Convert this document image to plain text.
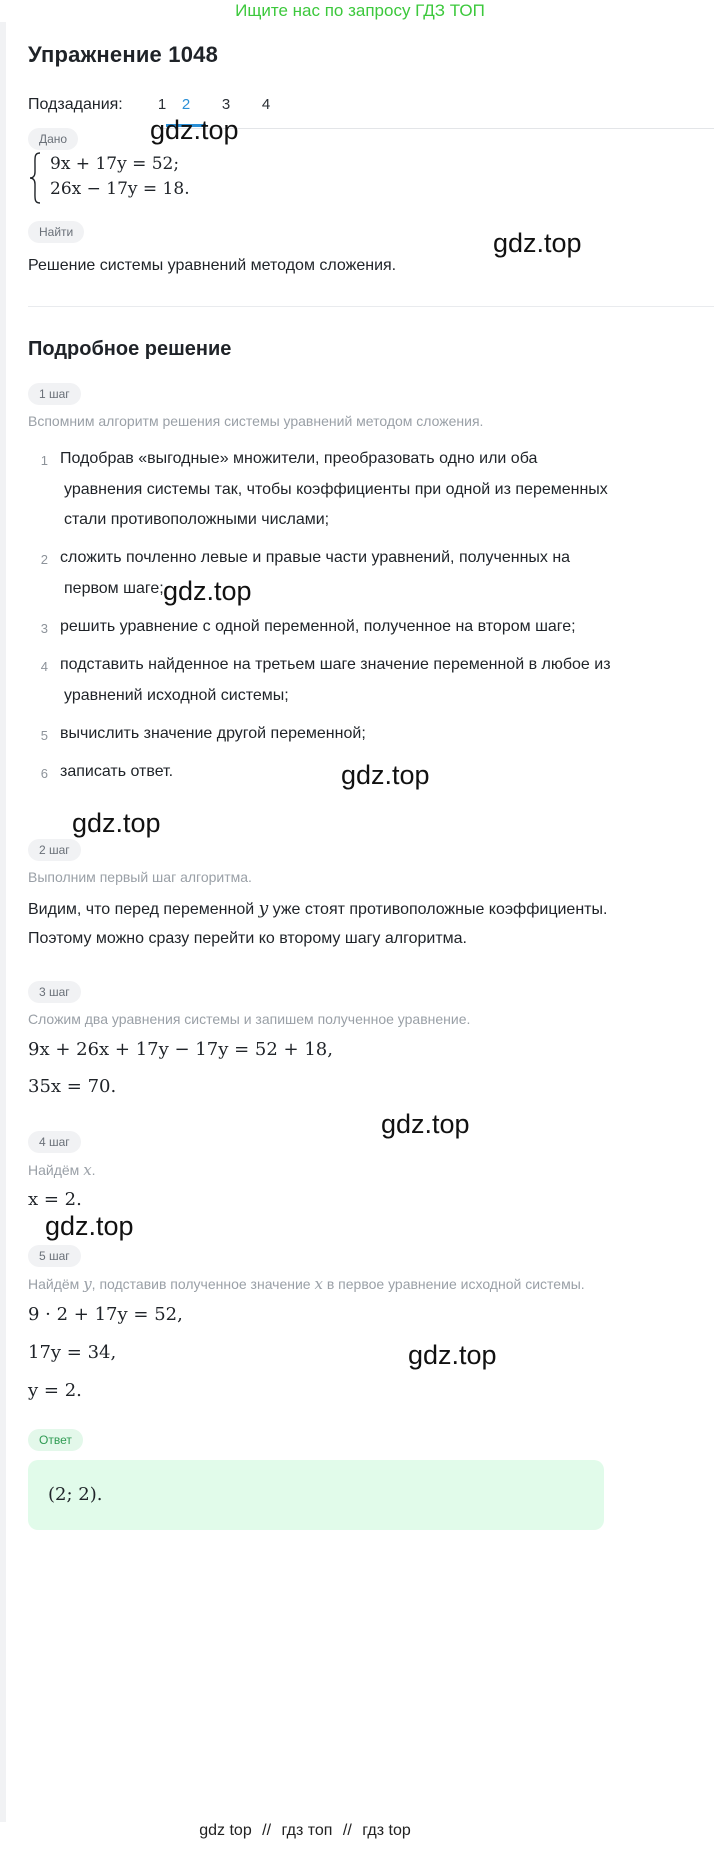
Ищите нас по запросу ГДЗ ТОП
Упражнение 1048
Подзадания:	1	2	3	4
Дано
9x + 17y = 52;
26x − 17y = 18.
Найти
Решение системы уравнений методом сложения.
Подробное решение
1 шаг
Вспомним алгоритм решения системы уравнений методом сложения.
1 Подобрав «выгодные» множители, преобразовать одно или оба
уравнения системы так, чтобы коэффициенты при одной из переменных
стали противоположными числами;
2 сложить почленно левые и правые части уравнений, полученных на
первом шаге;
3 решить уравнение с одной переменной, полученное на втором шаге;
4 подставить найденное на третьем шаге значение переменной в любое из
уравнений исходной системы;
5 вычислить значение другой переменной;
6 записать ответ.
2 шаг
Выполним первый шаг алгоритма.
Видим, что перед переменной y уже стоят противоположные коэффициенты.
Поэтому можно сразу перейти ко второму шагу алгоритма.
3 шаг
Сложим два уравнения системы и запишем полученное уравнение.
9x + 26x + 17y − 17y = 52 + 18,
35x = 70.
4 шаг
Найдём x.
x = 2.
5 шаг
Найдём y, подставив полученное значение x в первое уравнение исходной системы.
9 · 2 + 17y = 52,
17y = 34,
y = 2.
Ответ
(2; 2).
gdz.top
gdz.top
gdz.top
gdz.top
gdz.top
gdz.top
gdz.top
gdz.top
gdz top // гдз топ // гдз top
